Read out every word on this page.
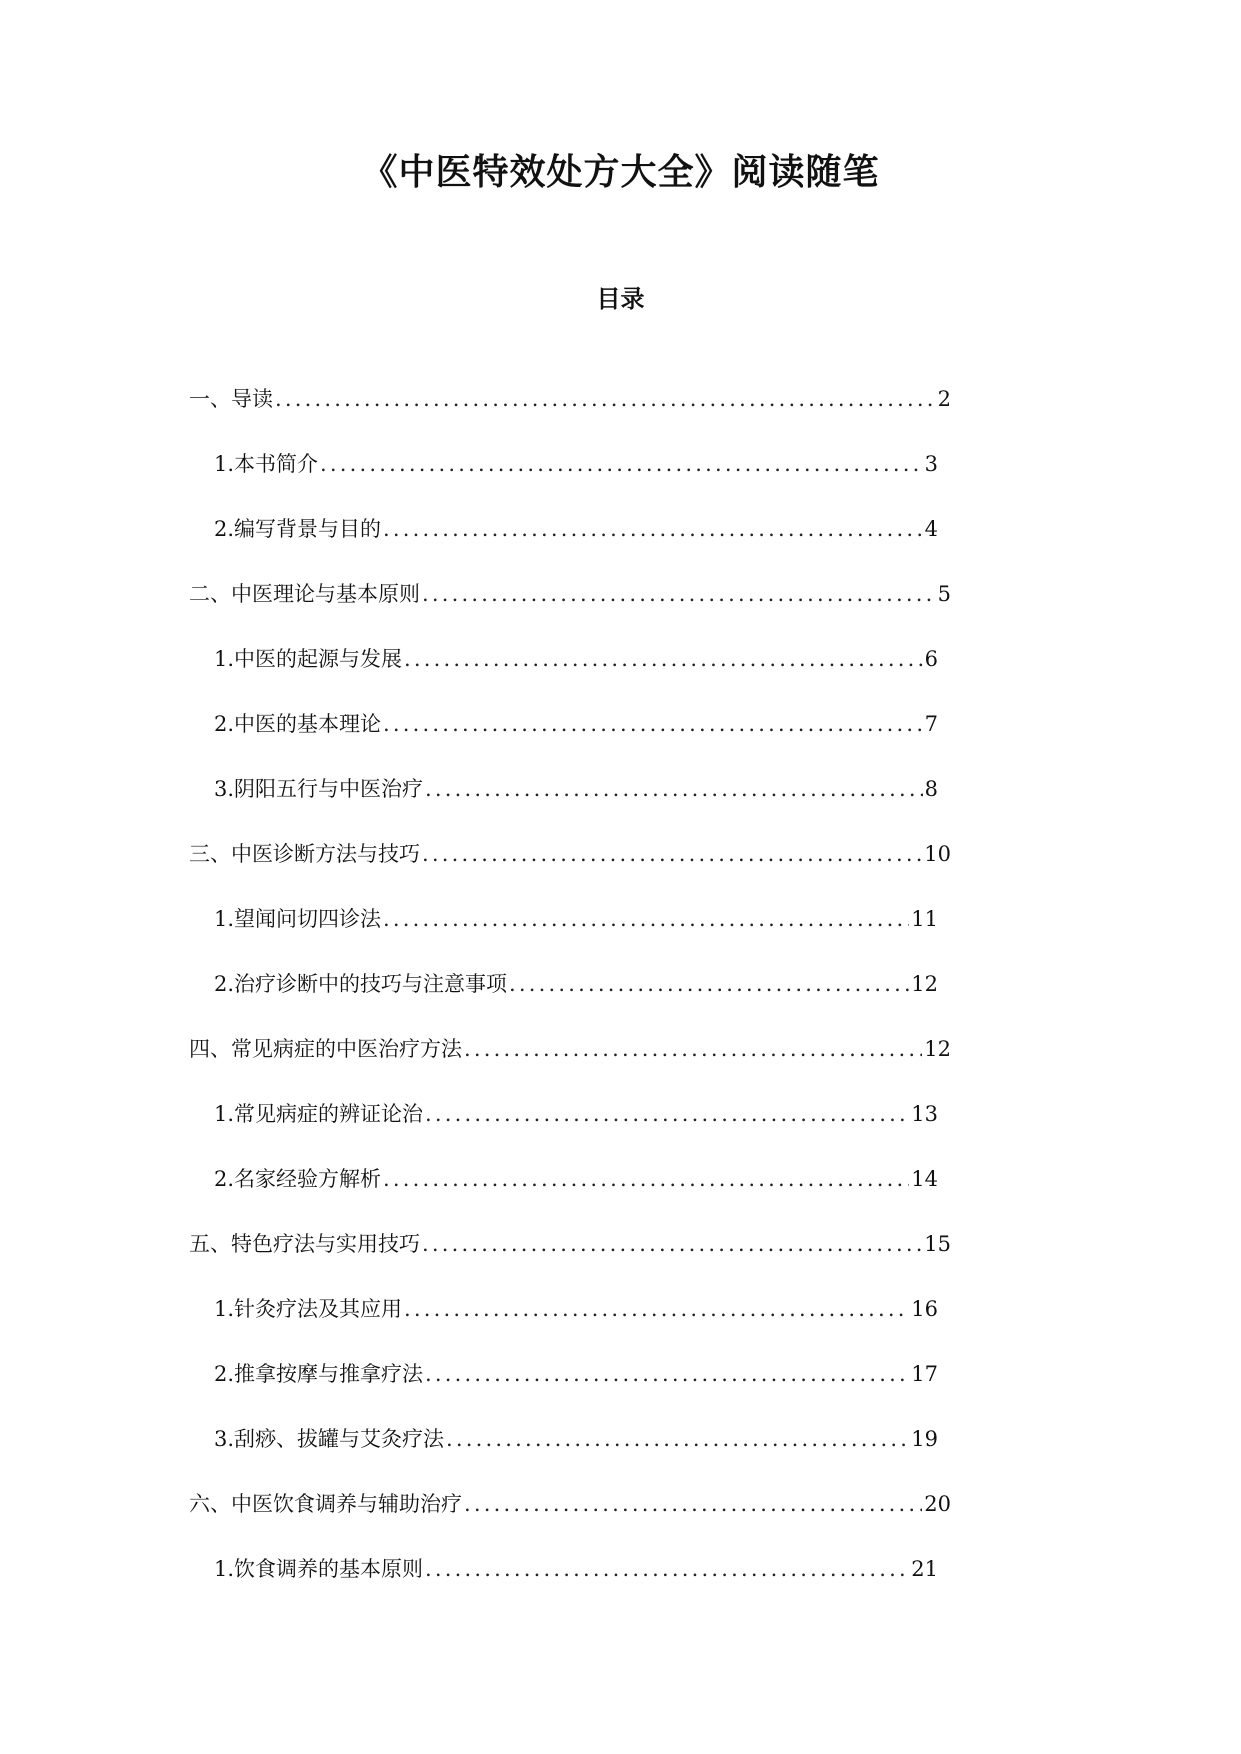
《中医特效处方大全》阅读随笔
目录
一、导读 .....	2
1. 本书简介 .....	3
2. 编写背景与目的 .....	4
二、中医理论与基本原则 .....	5
1. 中医的起源与发展 .....	6
2. 中医的基本理论 .....	7
3. 阴阳五行与中医治疗 .....	8
三、中医诊断方法与技巧 .....	10
1. 望闻问切四诊法 .....	11
2. 治疗诊断中的技巧与注意事项 .....	12
四、常见病症的中医治疗方法 .....	12
1. 常见病症的辨证论治 .....	13
2. 名家经验方解析 .....	14
五、特色疗法与实用技巧 .....	15
1. 针灸疗法及其应用 .....	16
2. 推拿按摩与推拿疗法 .....	17
3. 刮痧、拔罐与艾灸疗法 .....	19
六、中医饮食调养与辅助治疗 .....	20
1. 饮食调养的基本原则 .....	21
